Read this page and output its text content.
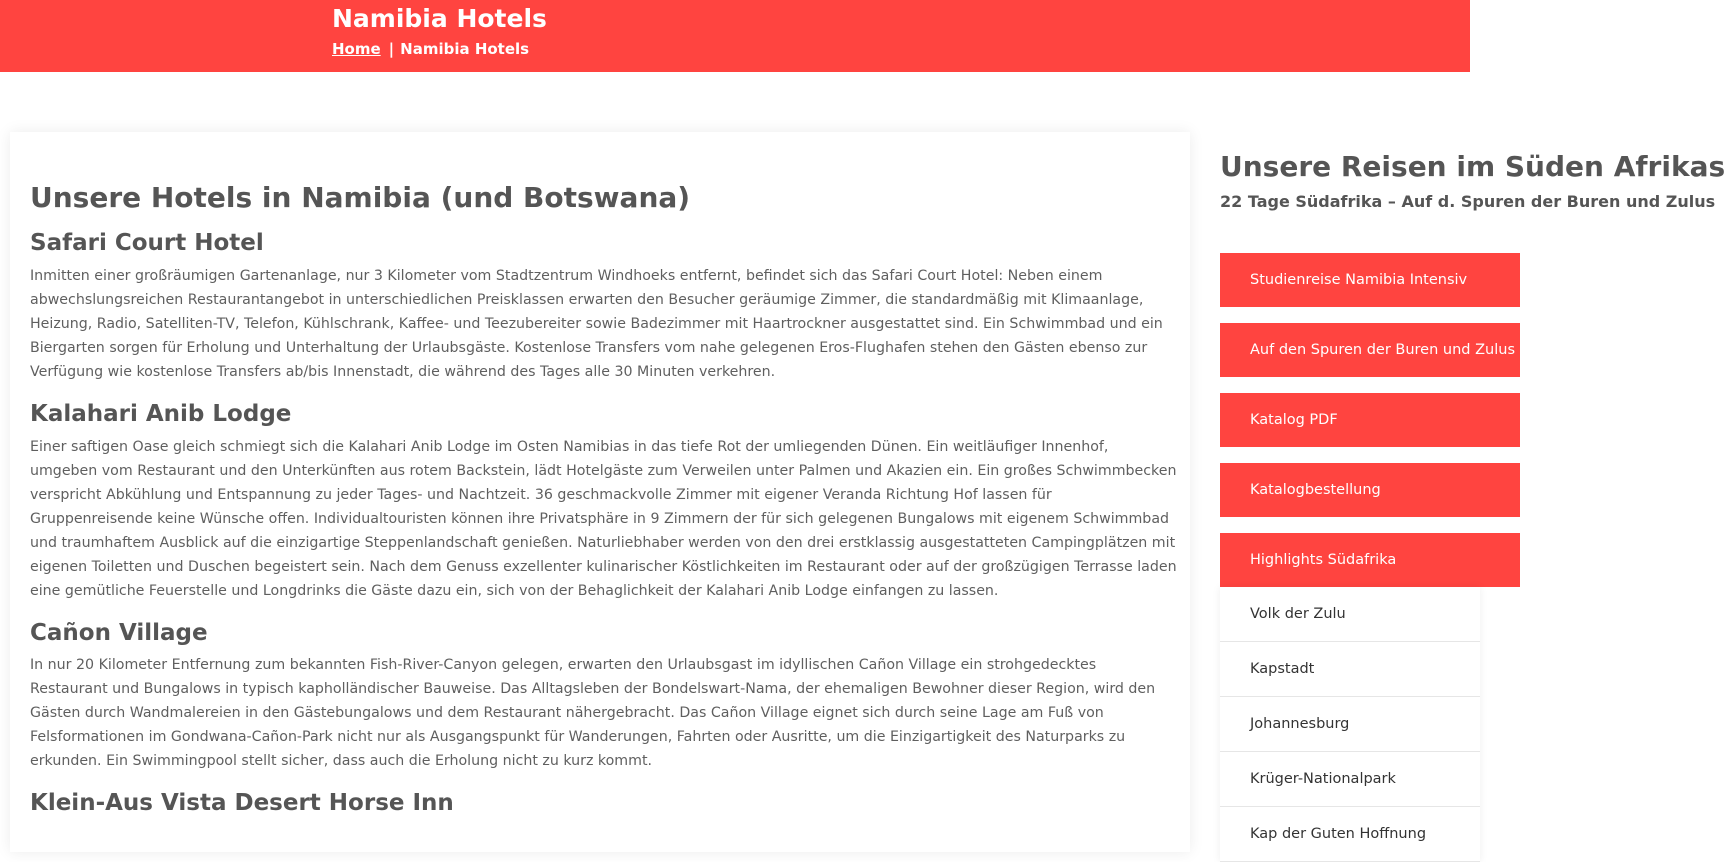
Namibia Hotels
Home | Namibia Hotels
Unsere Hotels in Namibia (und Botswana)
Safari Court Hotel

Inmitten einer großräumigen Gartenanlage, nur 3 Kilometer vom Stadtzentrum Windhoeks entfernt, befindet sich das Safari Court Hotel: Neben einem abwechslungsreichen Restaurantangebot in unterschiedlichen Preisklassen erwarten den Besucher geräumige Zimmer, die standardmäßig mit Klimaanlage, Heizung, Radio, Satelliten-TV, Telefon, Kühlschrank, Kaffee- und Teezubereiter sowie Badezimmer mit Haartrockner ausgestattet sind. Ein Schwimmbad und ein Biergarten sorgen für Erholung und Unterhaltung der Urlaubsgäste. Kostenlose Transfers vom nahe gelegenen Eros-Flughafen stehen den Gästen ebenso zur Verfügung wie kostenlose Transfers ab/bis Innenstadt, die während des Tages alle 30 Minuten verkehren.

Kalahari Anib Lodge

Einer saftigen Oase gleich schmiegt sich die Kalahari Anib Lodge im Osten Namibias in das tiefe Rot der umliegenden Dünen. Ein weitläufiger Innenhof, umgeben vom Restaurant und den Unterkünften aus rotem Backstein, lädt Hotelgäste zum Verweilen unter Palmen und Akazien ein. Ein großes Schwimmbecken verspricht Abkühlung und Entspannung zu jeder Tages- und Nachtzeit. 36 geschmackvolle Zimmer mit eigener Veranda Richtung Hof lassen für Gruppenreisende keine Wünsche offen. Individualtouristen können ihre Privatsphäre in 9 Zimmern der für sich gelegenen Bungalows mit eigenem Schwimmbad und traumhaftem Ausblick auf die einzigartige Steppenlandschaft genießen. Naturliebhaber werden von den drei erstklassig ausgestatteten Campingplätzen mit eigenen Toiletten und Duschen begeistert sein. Nach dem Genuss exzellenter kulinarischer Köstlichkeiten im Restaurant oder auf der großzügigen Terrasse laden eine gemütliche Feuerstelle und Longdrinks die Gäste dazu ein, sich von der Behaglichkeit der Kalahari Anib Lodge einfangen zu lassen.

Cañon Village

In nur 20 Kilometer Entfernung zum bekannten Fish-River-Canyon gelegen, erwarten den Urlaubsgast im idyllischen Cañon Village ein strohgedecktes Restaurant und Bungalows in typisch kapholländischer Bauweise. Das Alltagsleben der Bondelswart-Nama, der ehemaligen Bewohner dieser Region, wird den Gästen durch Wandmalereien in den Gästebungalows und dem Restaurant nähergebracht. Das Cañon Village eignet sich durch seine Lage am Fuß von Felsformationen im Gondwana-Cañon-Park nicht nur als Ausgangspunkt für Wanderungen, Fahrten oder Ausritte, um die Einzigartigkeit des Naturparks zu erkunden. Ein Swimmingpool stellt sicher, dass auch die Erholung nicht zu kurz kommt.

Klein-Aus Vista Desert Horse Inn
Unsere Reisen im Süden Afrikas
22 Tage Südafrika – Auf d. Spuren der Buren und Zulus
Studienreise Namibia Intensiv
Auf den Spuren der Buren und Zulus
Katalog PDF
Katalogbestellung
Highlights Südafrika
Volk der Zulu
Kapstadt
Johannesburg
Krüger-Nationalpark
Kap der Guten Hoffnung
